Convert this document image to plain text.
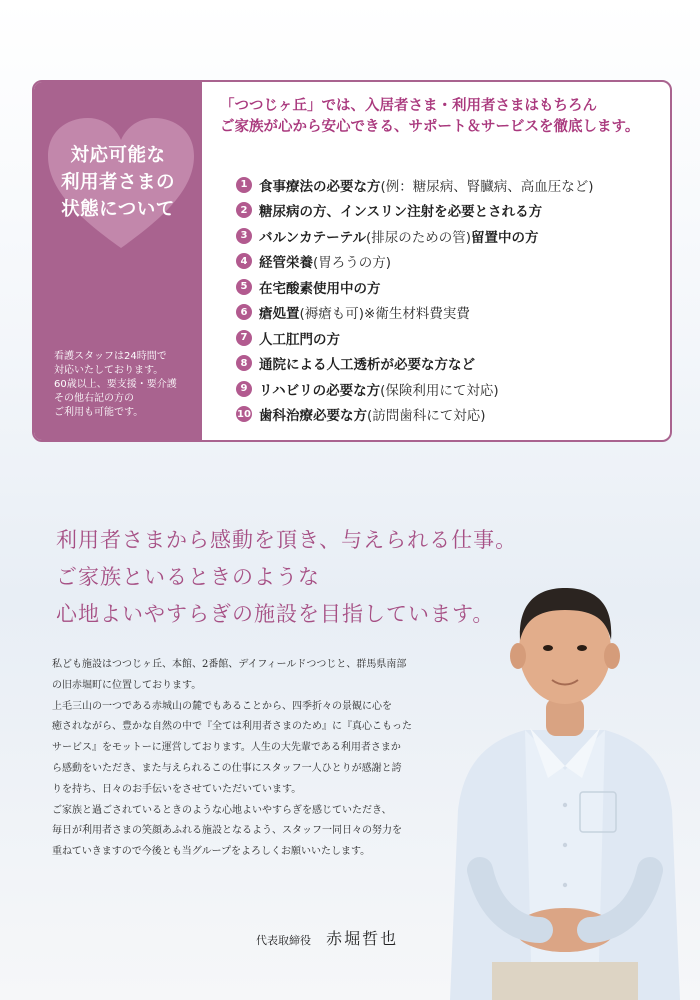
対応可能な
利用者さまの
状態について
看護スタッフは24時間で
対応いたしております。
60歳以上、要支援・要介護
その他右記の方の
ご利用も可能です。
「つつじヶ丘」では、入居者さま・利用者さまはもちろん
ご家族が心から安心できる、サポート＆サービスを徹底します。
1 食事療法の必要な方 (例：糖尿病、腎臓病、高血圧など)
2 糖尿病の方、インスリン注射を必要とされる方
3 バルンカテーテル (排尿のための管) 留置中の方
4 経管栄養 (胃ろうの方)
5 在宅酸素使用中の方
6 瘡処置 (褥瘡も可)※衛生材料費実費
7 人工肛門の方
8 通院による人工透析が必要な方など
9 リハビリの必要な方 (保険利用にて対応)
10 歯科治療必要な方 (訪問歯科にて対応)
利用者さまから感動を頂き、与えられる仕事。
ご家族といるときのような
心地よいやすらぎの施設を目指しています。

私ども施設はつつじヶ丘、本館、2番館、デイフィールドつつじと、群馬県南部
の旧赤堀町に位置しております。

上毛三山の一つである赤城山の麓でもあることから、四季折々の景観に心を
癒されながら、豊かな自然の中で『全ては利用者さまのため』に『真心こもった
サービス』をモットーに運営しております。人生の大先輩である利用者さまか
ら感動をいただき、また与えられるこの仕事にスタッフ一人ひとりが感謝と誇
りを持ち、日々のお手伝いをさせていただいています。

ご家族と過ごされているときのような心地よいやすらぎを感じていただき、
毎日が利用者さまの笑顔あふれる施設となるよう、スタッフ一同日々の努力を
重ねていきますので今後とも当グループをよろしくお願いいたします。

代表取締役 赤堀哲也
